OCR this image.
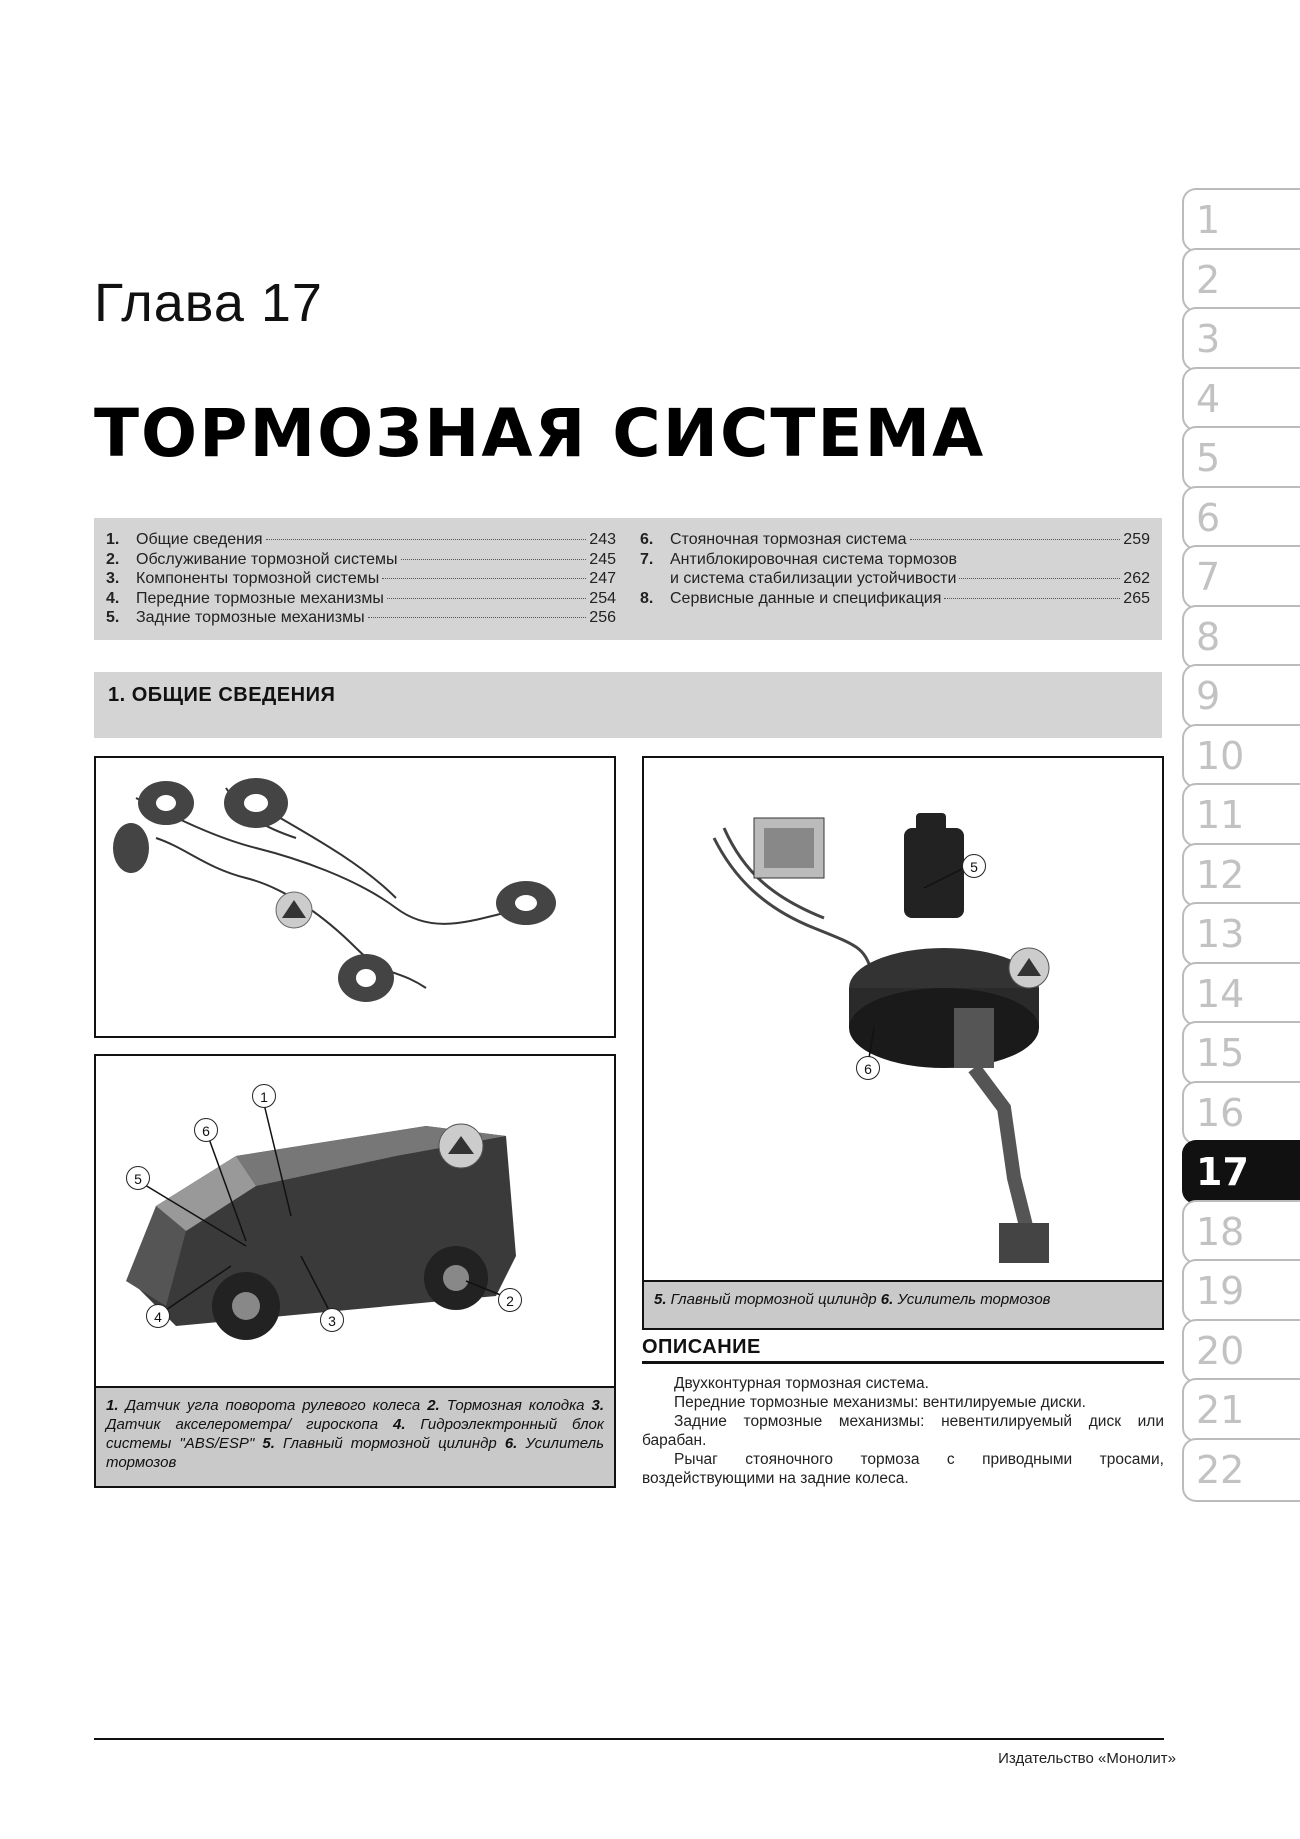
Глава 17
ТОРМОЗНАЯ СИСТЕМА
1.	Общие сведения	243
2.	Обслуживание тормозной системы	245
3.	Компоненты тормозной системы	247
4.	Передние тормозные механизмы	254
5.	Задние тормозные механизмы	256
6.	Стояночная тормозная система	259
7.	Антиблокировочная система тормозов
и система стабилизации устойчивости	262
8.	Сервисные данные и спецификация	265
1. ОБЩИЕ СВЕДЕНИЯ
1
6
5
4	3
2
1. Датчик угла поворота рулевого колеса 2. Тормозная колодка 3. Датчик акселерометра/ гироскопа 4. Гидроэлектронный блок системы "ABS/ESP" 5. Главный тормозной цилиндр 6. Усилитель тормозов
5
6
5. Главный тормозной цилиндр 6. Усилитель тормозов
ОПИСАНИЕ

Двухконтурная тормозная система.

Передние тормозные механизмы: вентилируемые диски.

Задние тормозные механизмы: невентилируемый диск или барабан.

Рычаг стояночного тормоза с приводными тросами, воздействующими на задние колеса.

1
2
3
4
5
6
7
8
9
10
11
12
13
14
15
16
17
18
19
20
21
22
Издательство «Монолит»
